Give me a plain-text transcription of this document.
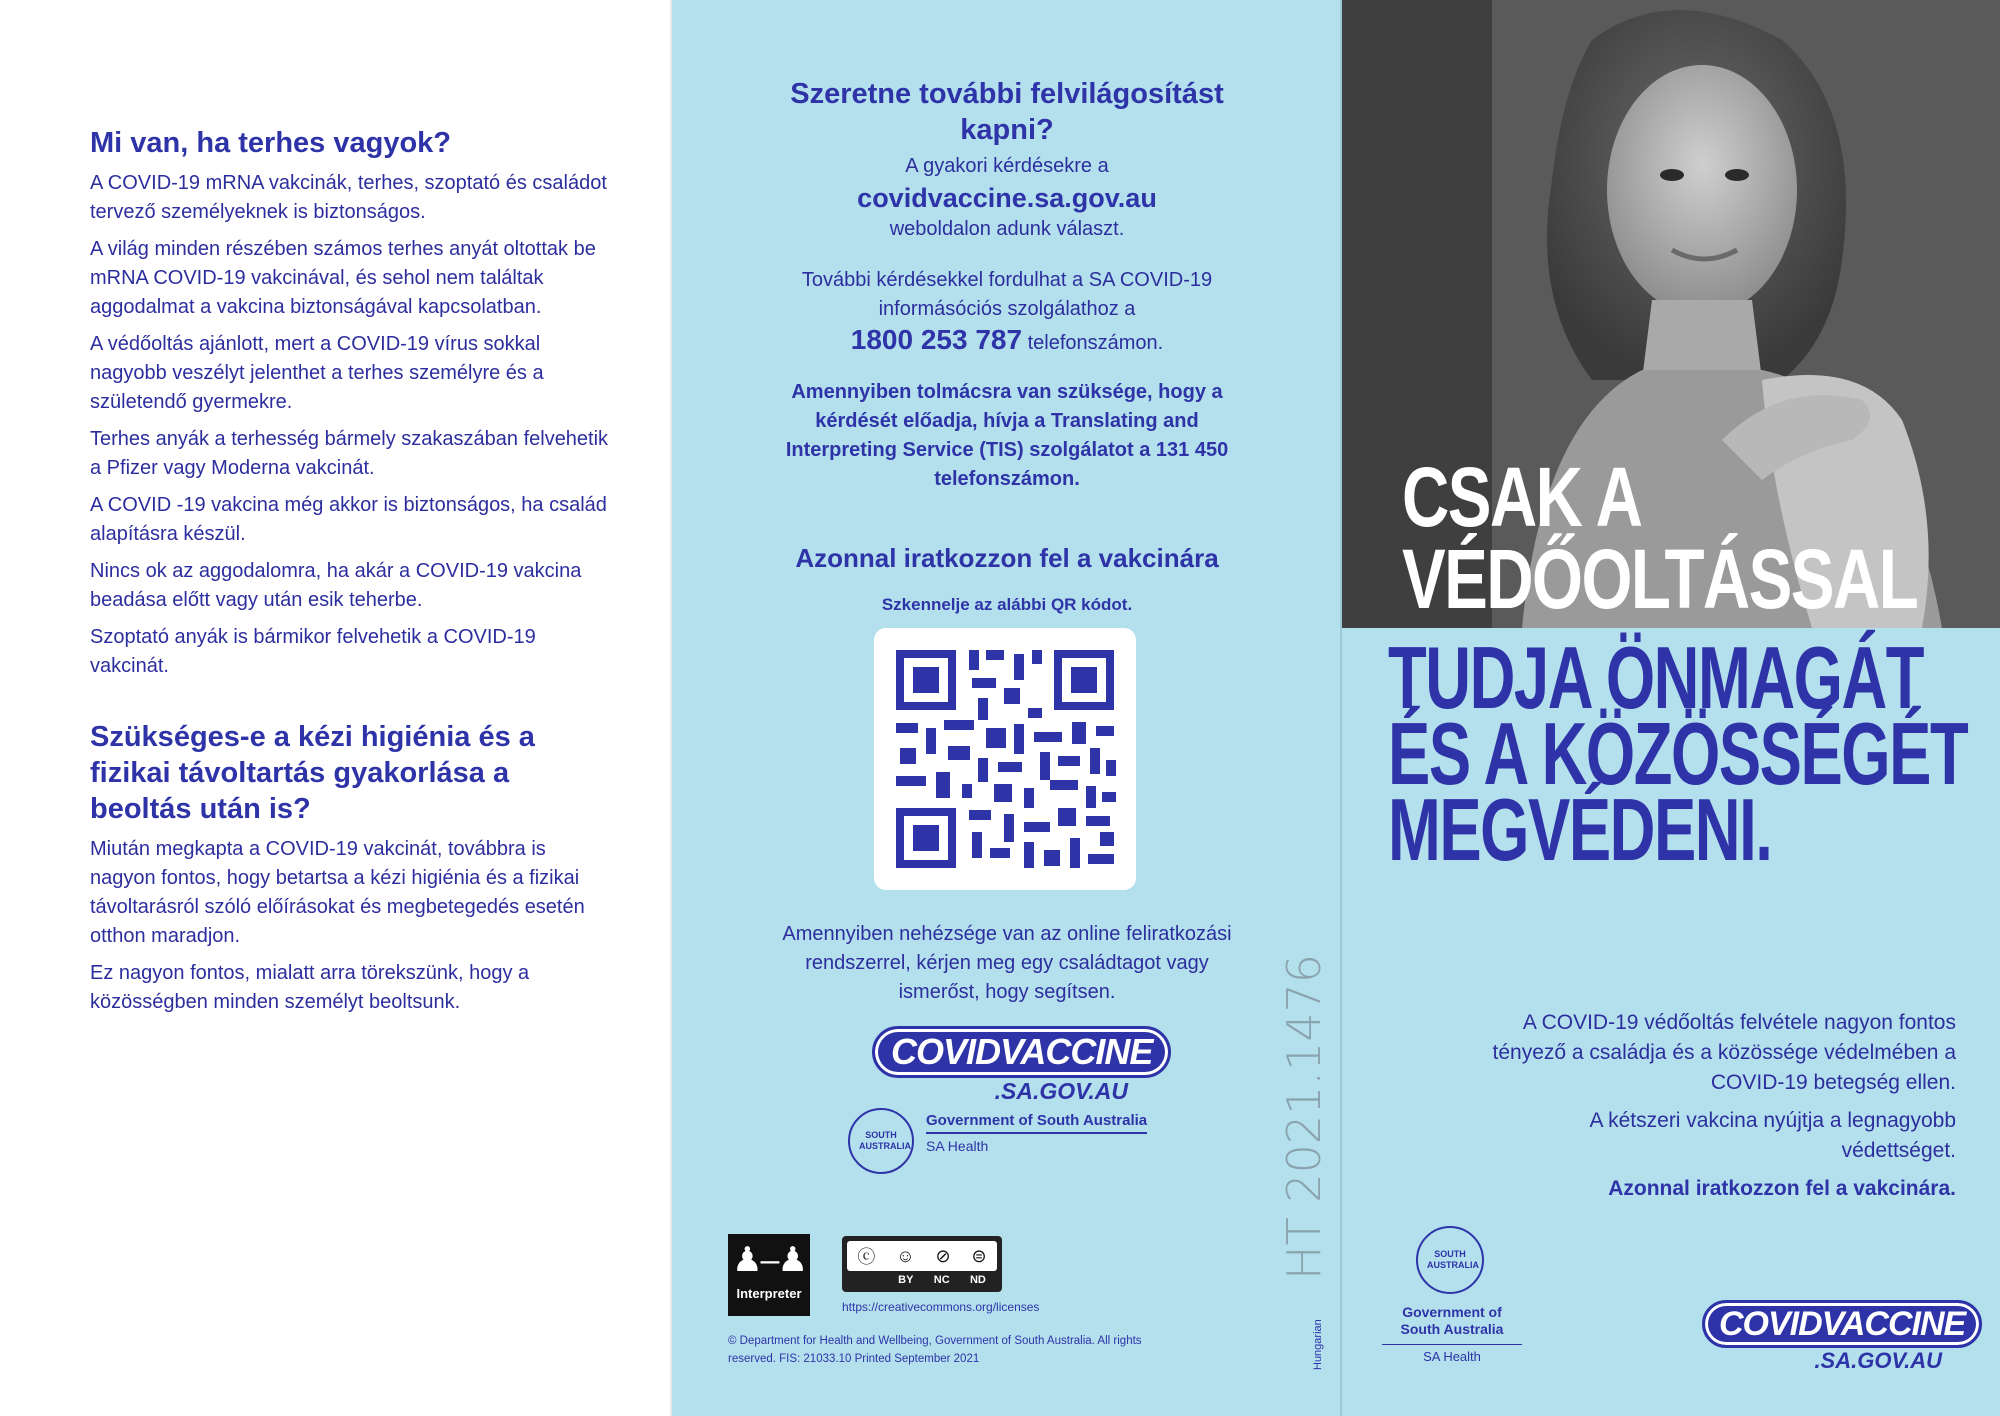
Mi van, ha terhes vagyok?

A COVID-19 mRNA vakcinák, terhes, szoptató és családot tervező személyeknek is biztonságos.

A világ minden részében számos terhes anyát oltottak be mRNA COVID-19 vakcinával, és sehol nem találtak aggodalmat a vakcina biztonságával kapcsolatban.

A védőoltás ajánlott, mert a COVID-19 vírus sokkal nagyobb veszélyt jelenthet a terhes személyre és a születendő gyermekre.

Terhes anyák a terhesség bármely szakaszában felvehetik a Pfizer vagy Moderna vakcinát.

A COVID -19 vakcina még akkor is biztonságos, ha család alapításra készül.

Nincs ok az aggodalomra, ha akár a COVID-19 vakcina beadása előtt vagy után esik teherbe.

Szoptató anyák is bármikor felvehetik a COVID-19 vakcinát.

Szükséges-e a kézi higiénia és a fizikai távoltartás gyakorlása a beoltás után is?

Miután megkapta a COVID-19 vakcinát, továbbra is nagyon fontos, hogy betartsa a kézi higiénia és a fizikai távoltarásról szóló előírásokat és megbetegedés esetén otthon maradjon.

Ez nagyon fontos, mialatt arra törekszünk, hogy a közösségben minden személyt beoltsunk.

Szeretne további felvilágosítást kapni?
A gyakori kérdésekre a
covidvaccine.sa.gov.au
weboldalon adunk választ.
További kérdésekkel fordulhat a SA COVID-19 informásóciós szolgálathoz a
1800 253 787 telefonszámon.
Amennyiben tolmácsra van szüksége, hogy a kérdését előadja, hívja a Translating and Interpreting Service (TIS) szolgálatot a 131 450 telefonszámon.
Azonnal iratkozzon fel a vakcinára
Szkennelje az alábbi QR kódot.
Amennyiben nehézsége van az online feliratkozási rendszerrel, kérjen meg egy családtagot vagy ismerőst, hogy segítsen.
COVIDVACCINE
.SA.GOV.AU
SOUTH AUSTRALIA
Government of South Australia
SA Health
♟–♟
Interpreter
ⓒ ☺ ⊘ ⊜
BY NC ND
https://creativecommons.org/licenses
© Department for Health and Wellbeing, Government of South Australia. All rights reserved. FIS: 21033.10 Printed September 2021
HT 2021.1476
Hungarian
CSAK A
VÉDŐOLTÁSSAL
TUDJA ÖNMAGÁT
ÉS A KÖZÖSSÉGÉT
MEGVÉDENI.
A COVID-19 védőoltás felvétele nagyon fontos tényező a családja és a közössége védelmében a COVID-19 betegség ellen.
A kétszeri vakcina nyújtja a legnagyobb védettséget.
Azonnal iratkozzon fel a vakcinára.
SOUTH AUSTRALIA
Government of South Australia
SA Health
COVIDVACCINE
.SA.GOV.AU
